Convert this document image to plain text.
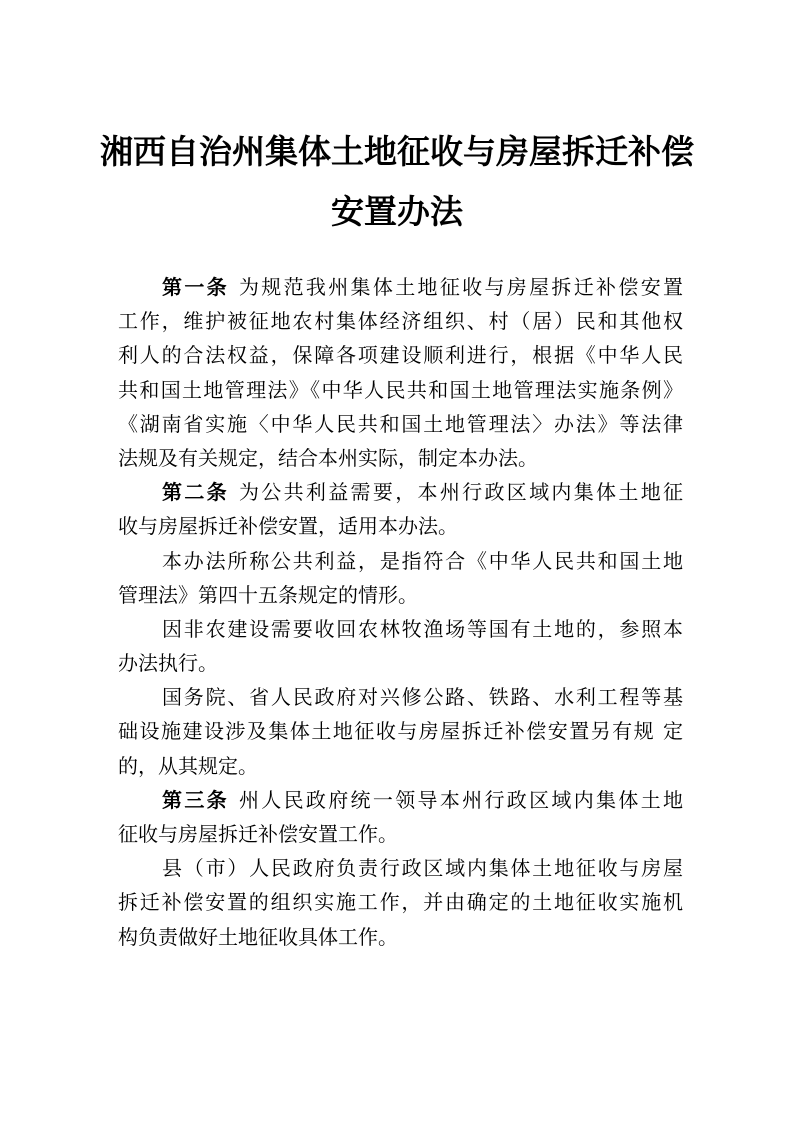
湘西自治州集体土地征收与房屋拆迁补偿
安置办法
第一条 为规范我州集体土地征收与房屋拆迁补偿安置
工作，维护被征地农村集体经济组织、村（居）民和其他权
利人的合法权益，保障各项建设顺利进行，根据《中华人民
共和国土地管理法》《中华人民共和国土地管理法实施条例》
《湖南省实施〈中华人民共和国土地管理法〉办法》等法律
法规及有关规定，结合本州实际，制定本办法。
第二条 为公共利益需要，本州行政区域内集体土地征
收与房屋拆迁补偿安置，适用本办法。
本办法所称公共利益，是指符合《中华人民共和国土地
管理法》第四十五条规定的情形。
因非农建设需要收回农林牧渔场等国有土地的，参照本
办法执行。
国务院、省人民政府对兴修公路、铁路、水利工程等基
础设施建设涉及集体土地征收与房屋拆迁补偿安置另有规 定
的，从其规定。
第三条 州人民政府统一领导本州行政区域内集体土地
征收与房屋拆迁补偿安置工作。
县（市）人民政府负责行政区域内集体土地征收与房屋
拆迁补偿安置的组织实施工作，并由确定的土地征收实施机
构负责做好土地征收具体工作。
